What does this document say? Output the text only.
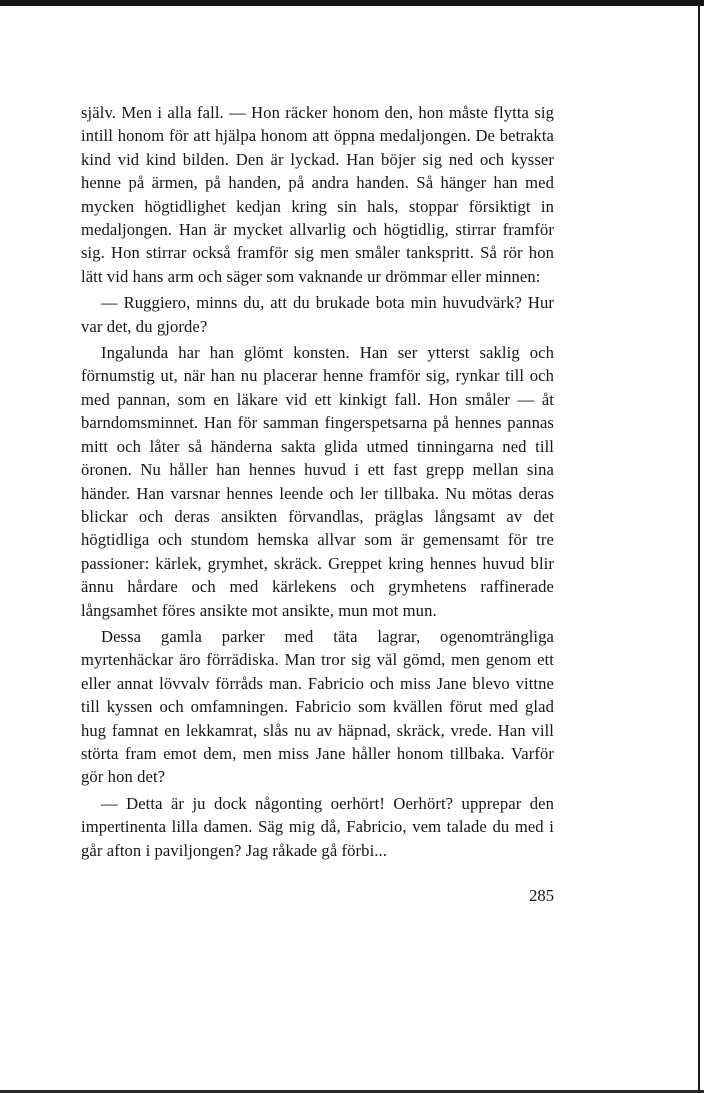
själv. Men i alla fall. — Hon räcker honom den, hon måste flytta sig intill honom för att hjälpa honom att öppna medaljongen. De betrakta kind vid kind bilden. Den är lyckad. Han böjer sig ned och kysser henne på ärmen, på handen, på andra handen. Så hänger han med mycken högtidlighet kedjan kring sin hals, stoppar försiktigt in medaljongen. Han är mycket allvarlig och högtidlig, stirrar framför sig. Hon stirrar också framför sig men småler tankspritt. Så rör hon lätt vid hans arm och säger som vaknande ur drömmar eller minnen:

— Ruggiero, minns du, att du brukade bota min huvudvärk? Hur var det, du gjorde?

Ingalunda har han glömt konsten. Han ser ytterst saklig och förnumstig ut, när han nu placerar henne framför sig, rynkar till och med pannan, som en läkare vid ett kinkigt fall. Hon småler — åt barndomsminnet. Han för samman fingerspetsarna på hennes pannas mitt och låter så händerna sakta glida utmed tinningarna ned till öronen. Nu håller han hennes huvud i ett fast grepp mellan sina händer. Han varsnar hennes leende och ler tillbaka. Nu mötas deras blickar och deras ansikten förvandlas, präglas långsamt av det högtidliga och stundom hemska allvar som är gemensamt för tre passioner: kärlek, grymhet, skräck. Greppet kring hennes huvud blir ännu hårdare och med kärlekens och grymhetens raffinerade långsamhet föres ansikte mot ansikte, mun mot mun.

Dessa gamla parker med täta lagrar, ogenomträngliga myrtenhäckar äro förrädiska. Man tror sig väl gömd, men genom ett eller annat lövvalv förråds man. Fabricio och miss Jane blevo vittne till kyssen och omfamningen. Fabricio som kvällen förut med glad hug famnat en lekkamrat, slås nu av häpnad, skräck, vrede. Han vill störta fram emot dem, men miss Jane håller honom tillbaka. Varför gör hon det?

— Detta är ju dock någonting oerhört! Oerhört? upprepar den impertinenta lilla damen. Säg mig då, Fabricio, vem talade du med i går afton i paviljongen? Jag råkade gå förbi...

285
